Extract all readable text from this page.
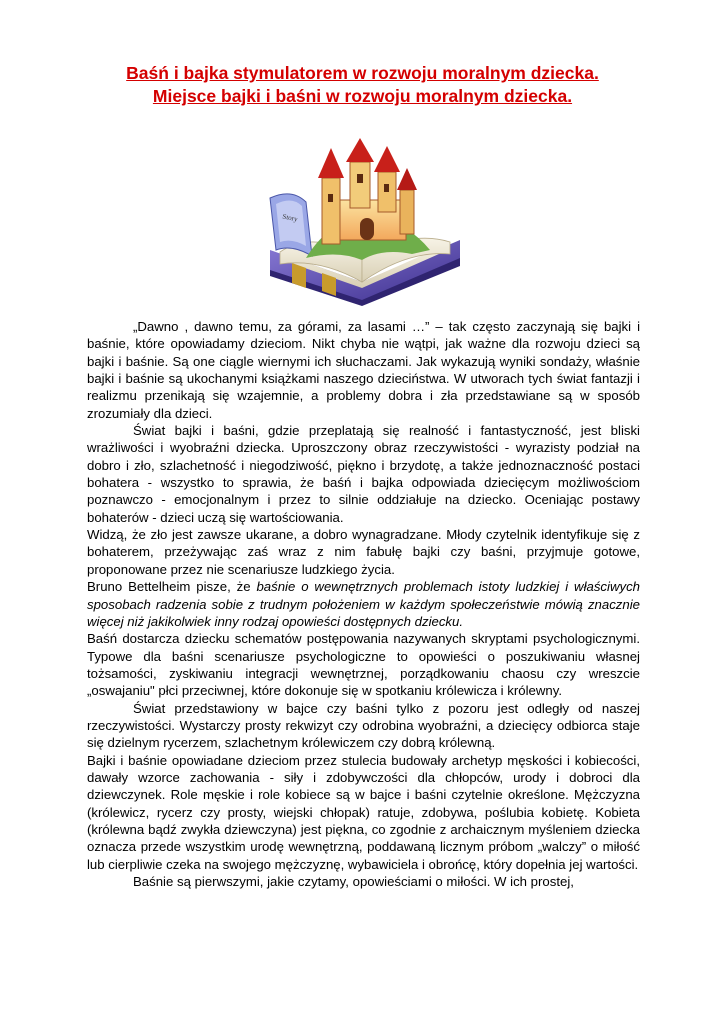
Baśń i bajka stymulatorem w rozwoju moralnym dziecka.
Miejsce bajki i baśni w rozwoju moralnym dziecka.
Story

„Dawno , dawno temu, za górami, za lasami …” – tak często zaczynają się bajki i baśnie, które opowiadamy dzieciom. Nikt chyba nie wątpi, jak ważne dla rozwoju dzieci są bajki i baśnie. Są one ciągle wiernymi ich słuchaczami. Jak wykazują wyniki sondaży, właśnie bajki i baśnie są ukochanymi książkami naszego dzieciństwa. W utworach tych świat fantazji i realizmu przenikają się wzajemnie, a problemy dobra i zła przedstawiane są w sposób zrozumiały dla dzieci.

Świat bajki i baśni, gdzie przeplatają się realność i fantastyczność, jest bliski wrażliwości i wyobraźni dziecka. Uproszczony obraz rzeczywistości - wyrazisty podział na dobro i zło, szlachetność i niegodziwość, piękno i brzydotę, a także jednoznaczność postaci bohatera - wszystko to sprawia, że baśń i bajka odpowiada dziecięcym możliwościom poznawczo - emocjonalnym i przez to silnie oddziałuje na dziecko. Oceniając postawy bohaterów - dzieci uczą się wartościowania.

Widzą, że zło jest zawsze ukarane, a dobro wynagradzane. Młody czytelnik identyfikuje się z bohaterem, przeżywając zaś wraz z nim fabułę bajki czy baśni, przyjmuje gotowe, proponowane przez nie scenariusze ludzkiego życia.

Bruno Bettelheim pisze, że baśnie o wewnętrznych problemach istoty ludzkiej i właściwych sposobach radzenia sobie z trudnym położeniem w każdym społeczeństwie mówią znacznie więcej niż jakikolwiek inny rodzaj opowieści dostępnych dziecku.

Baśń dostarcza dziecku schematów postępowania nazywanych skryptami psychologicznymi. Typowe dla baśni scenariusze psychologiczne to opowieści o poszukiwaniu własnej tożsamości, zyskiwaniu integracji wewnętrznej, porządkowaniu chaosu czy wreszcie „oswajaniu" płci przeciwnej, które dokonuje się w spotkaniu królewicza i królewny.

Świat przedstawiony w bajce czy baśni tylko z pozoru jest odległy od naszej rzeczywistości. Wystarczy prosty rekwizyt czy odrobina wyobraźni, a dziecięcy odbiorca staje się dzielnym rycerzem, szlachetnym królewiczem czy dobrą królewną.

Bajki i baśnie opowiadane dzieciom przez stulecia budowały archetyp męskości i kobiecości, dawały wzorce zachowania - siły i zdobywczości dla chłopców, urody i dobroci dla dziewczynek. Role męskie i role kobiece są w bajce i baśni czytelnie określone. Mężczyzna (królewicz, rycerz czy prosty, wiejski chłopak) ratuje, zdobywa, poślubia kobietę. Kobieta (królewna bądź zwykła dziewczyna) jest piękna, co zgodnie z archaicznym myśleniem dziecka oznacza przede wszystkim urodę wewnętrzną, poddawaną licznym próbom „walczy” o miłość lub cierpliwie czeka na swojego mężczyznę, wybawiciela i obrońcę, który dopełnia jej wartości.

Baśnie są pierwszymi, jakie czytamy, opowieściami o miłości. W ich prostej,
